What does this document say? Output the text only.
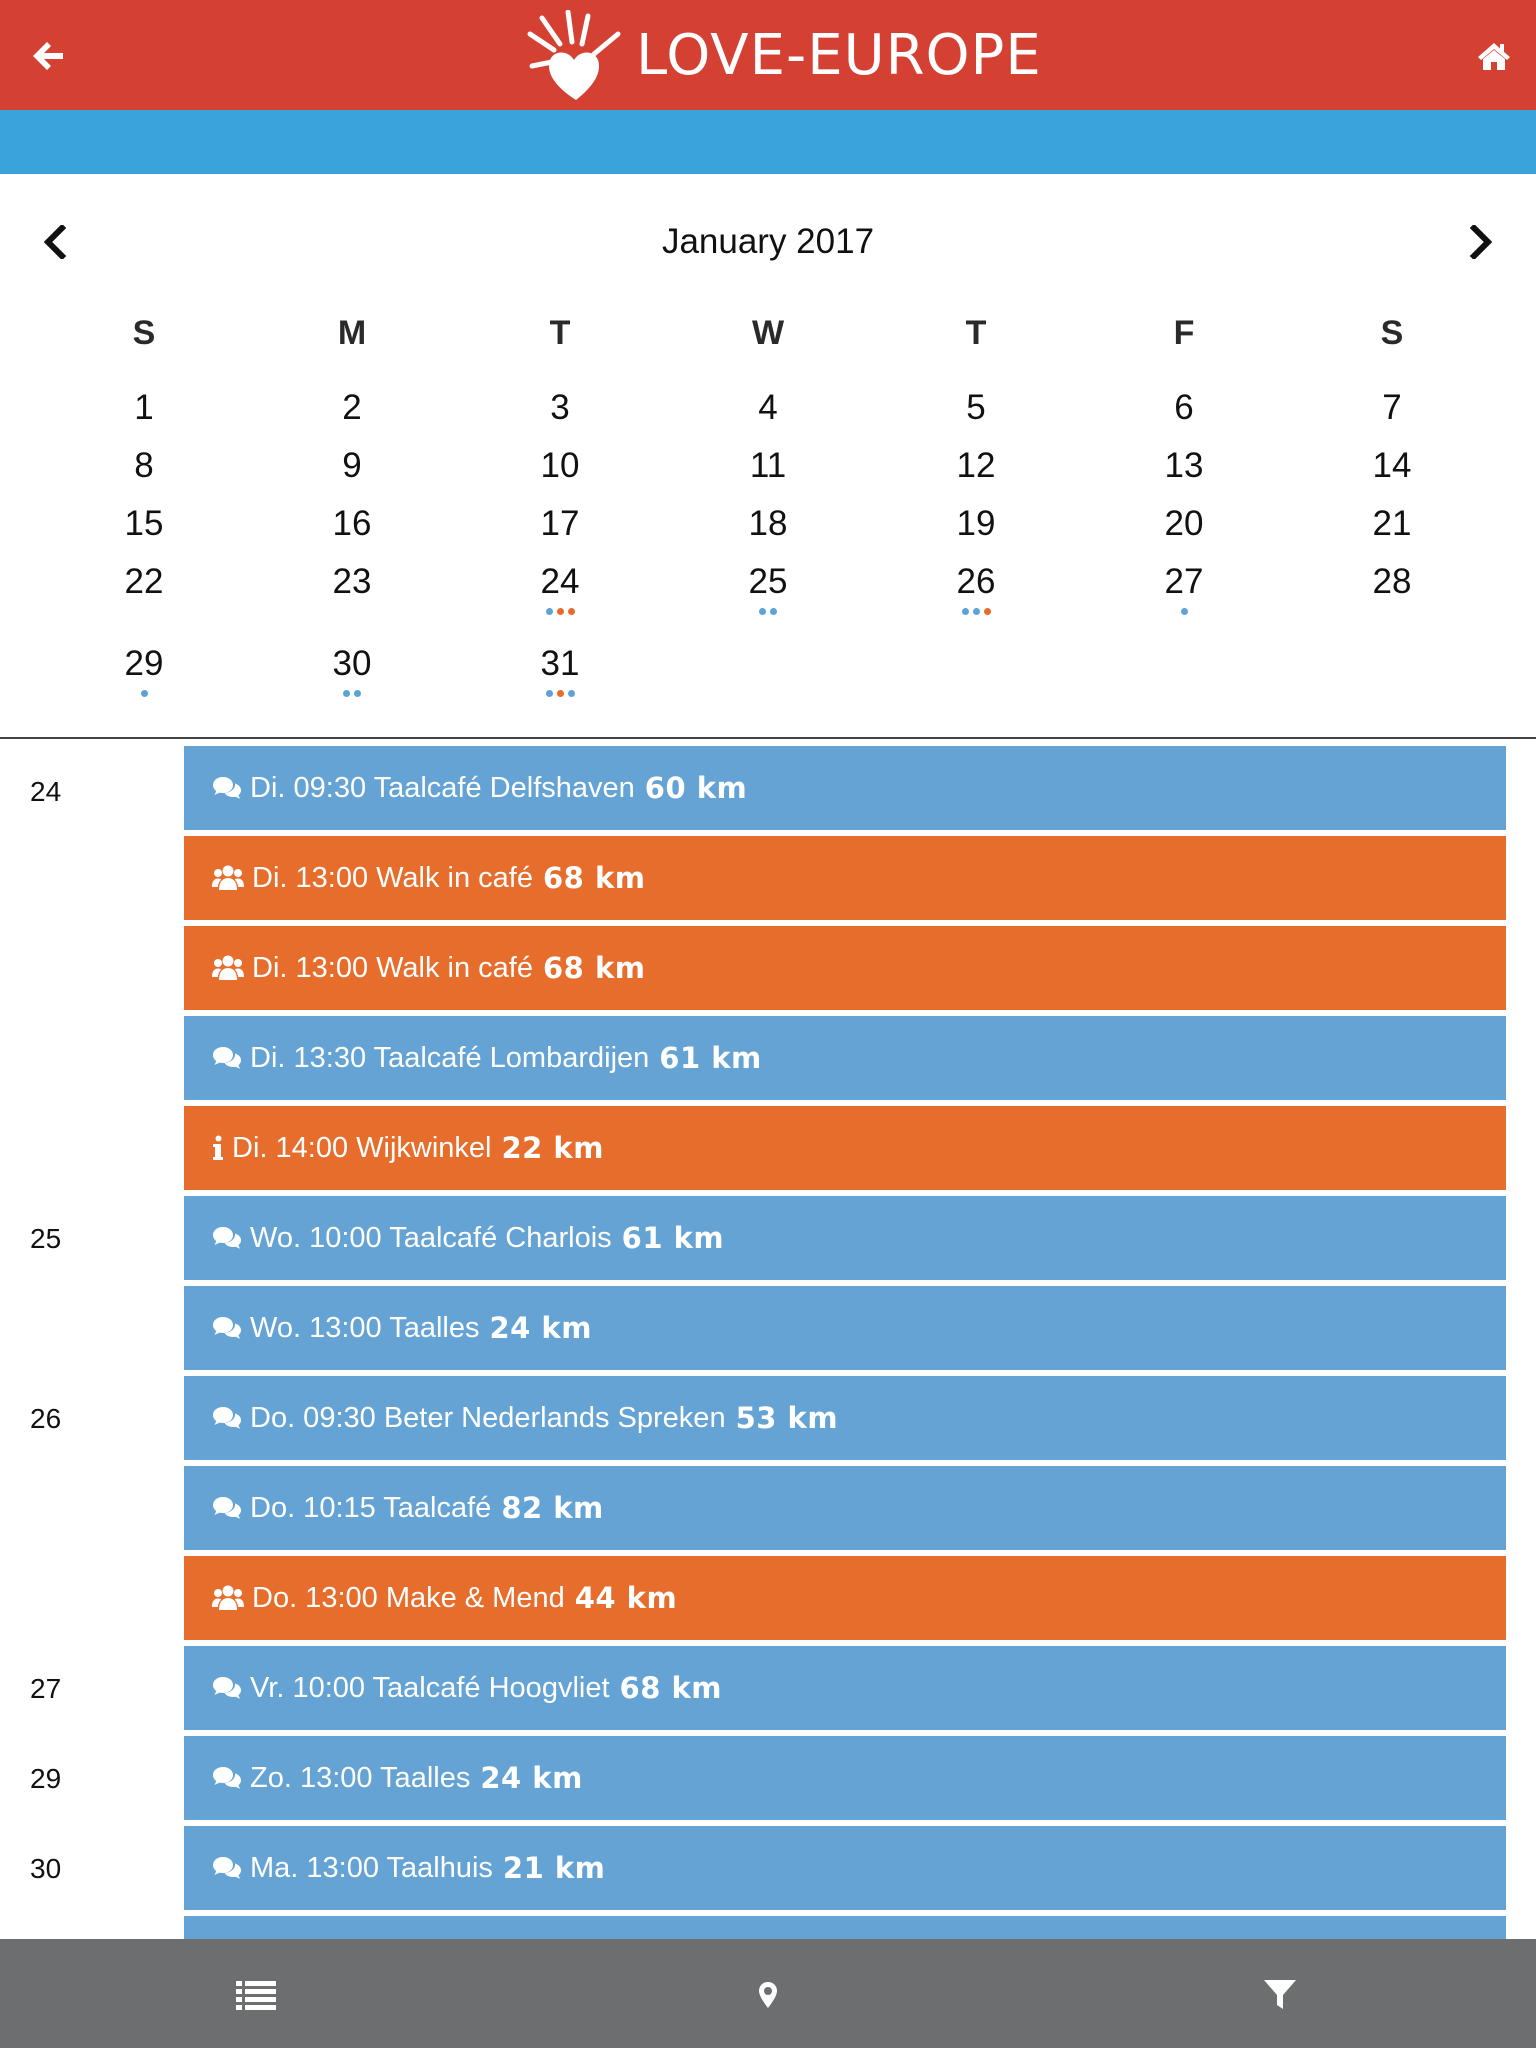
LOVE-EUROPE
January 2017
S	M	T	W	T	F	S
1	2	3	4	5	6	7
8	9	10	11	12	13	14
15	16	17	18	19	20	21
22	23	24	25	26	27	28
29	30	31
24	Di. 09:30 Taalcafé Delfshaven 60 km
Di. 13:00 Walk in café 68 km
Di. 13:00 Walk in café 68 km
Di. 13:30 Taalcafé Lombardijen 61 km
Di. 14:00 Wijkwinkel 22 km
25	Wo. 10:00 Taalcafé Charlois 61 km
Wo. 13:00 Taalles 24 km
26	Do. 09:30 Beter Nederlands Spreken 53 km
Do. 10:15 Taalcafé 82 km
Do. 13:00 Make & Mend 44 km
27	Vr. 10:00 Taalcafé Hoogvliet 68 km
29	Zo. 13:00 Taalles 24 km
30	Ma. 13:00 Taalhuis 21 km
